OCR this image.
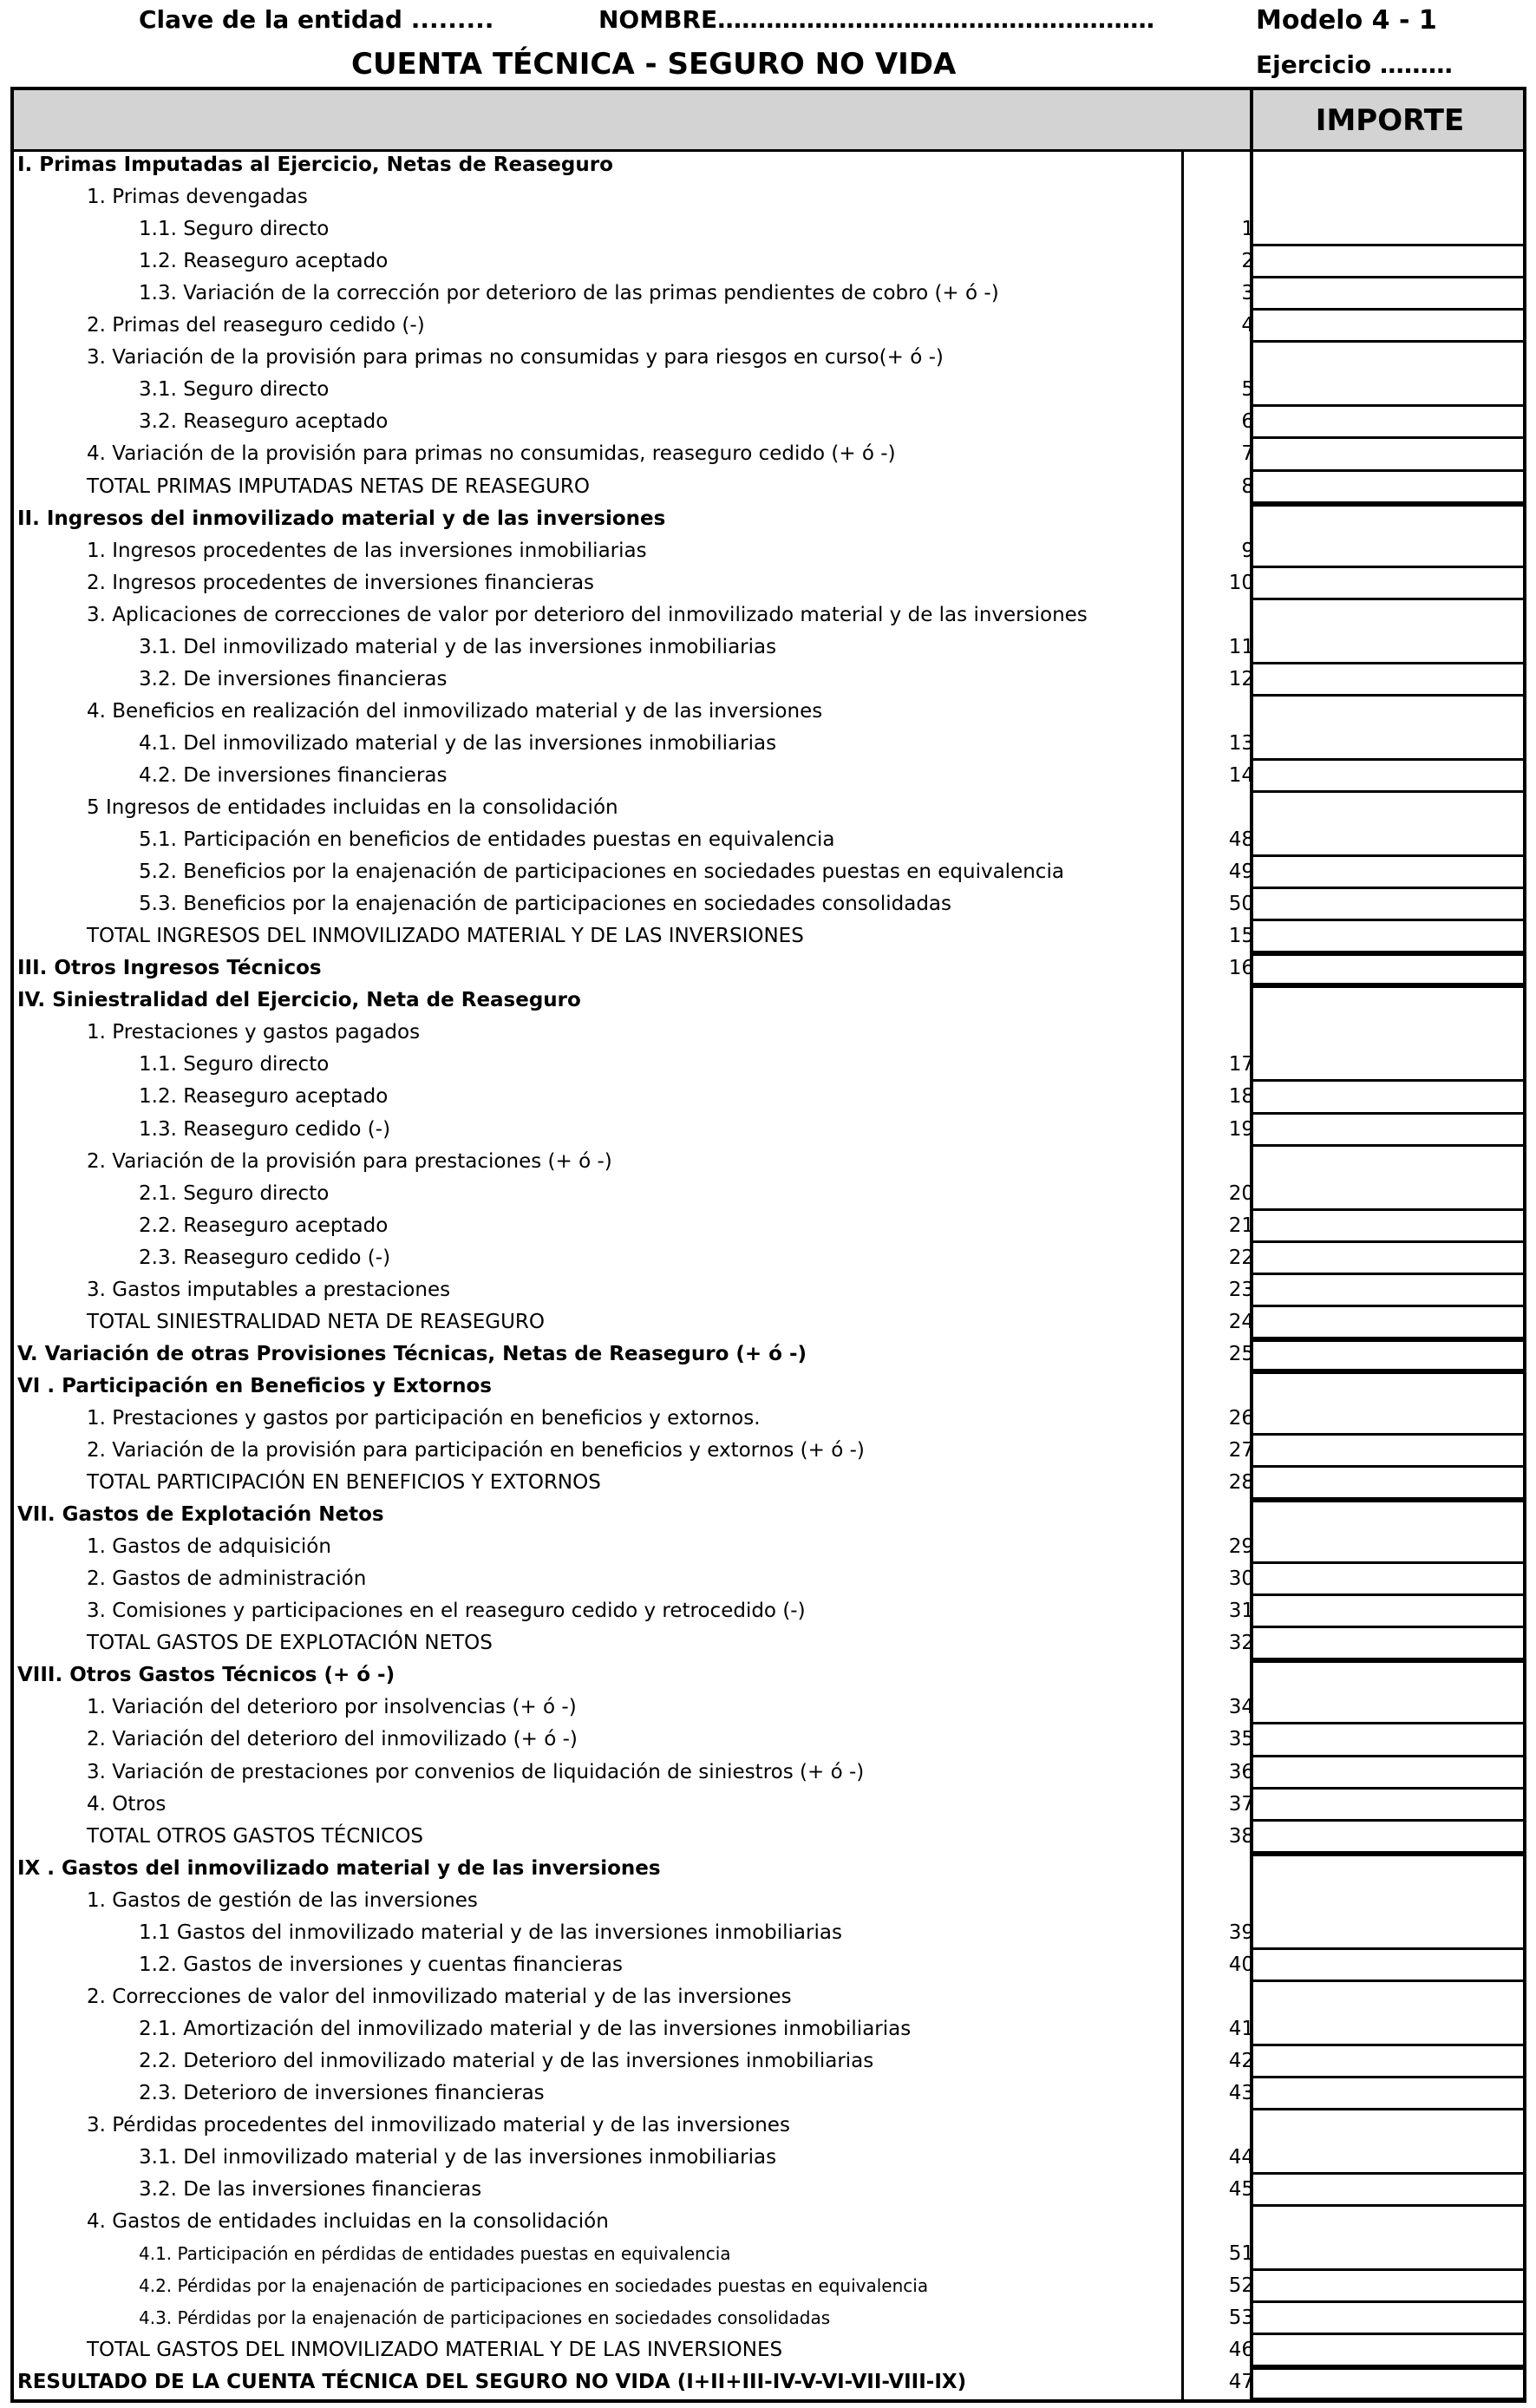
Clave de la entidad .........	NOMBRE………………………………………………	Modelo 4 - 1
CUENTA TÉCNICA - SEGURO NO VIDA	Ejercicio ………
IMPORTE
I. Primas Imputadas al Ejercicio, Netas de Reaseguro
1. Primas devengadas
1.1. Seguro directo	1
1.2. Reaseguro aceptado	2
1.3. Variación de la corrección por deterioro de las primas pendientes de cobro (+ ó -)	3
2. Primas del reaseguro cedido (-)	4
3. Variación de la provisión para primas no consumidas y para riesgos en curso(+ ó -)
3.1. Seguro directo	5
3.2. Reaseguro aceptado	6
4. Variación de la provisión para primas no consumidas, reaseguro cedido (+ ó -)	7
TOTAL PRIMAS IMPUTADAS NETAS DE REASEGURO	8
II. Ingresos del inmovilizado material y de las inversiones
1. Ingresos procedentes de las inversiones inmobiliarias	9
2. Ingresos procedentes de inversiones financieras	10
3. Aplicaciones de correcciones de valor por deterioro del inmovilizado material y de las inversiones
3.1. Del inmovilizado material y de las inversiones inmobiliarias	11
3.2. De inversiones financieras	12
4. Beneficios en realización del inmovilizado material y de las inversiones
4.1. Del inmovilizado material y de las inversiones inmobiliarias	13
4.2. De inversiones financieras	14
5 Ingresos de entidades incluidas en la consolidación
5.1. Participación en beneficios de entidades puestas en equivalencia	48
5.2. Beneficios por la enajenación de participaciones en sociedades puestas en equivalencia	49
5.3. Beneficios por la enajenación de participaciones en sociedades consolidadas	50
TOTAL INGRESOS DEL INMOVILIZADO MATERIAL Y DE LAS INVERSIONES	15
III. Otros Ingresos Técnicos	16
IV. Siniestralidad del Ejercicio, Neta de Reaseguro
1. Prestaciones y gastos pagados
1.1. Seguro directo	17
1.2. Reaseguro aceptado	18
1.3. Reaseguro cedido (-)	19
2. Variación de la provisión para prestaciones (+ ó -)
2.1. Seguro directo	20
2.2. Reaseguro aceptado	21
2.3. Reaseguro cedido (-)	22
3. Gastos imputables a prestaciones	23
TOTAL SINIESTRALIDAD NETA DE REASEGURO	24
V. Variación de otras Provisiones Técnicas, Netas de Reaseguro (+ ó -)	25
VI . Participación en Beneficios y Extornos
1. Prestaciones y gastos por participación en beneficios y extornos.	26
2. Variación de la provisión para participación en beneficios y extornos (+ ó -)	27
TOTAL PARTICIPACIÓN EN BENEFICIOS Y EXTORNOS	28
VII. Gastos de Explotación Netos
1. Gastos de adquisición	29
2. Gastos de administración	30
3. Comisiones y participaciones en el reaseguro cedido y retrocedido (-)	31
TOTAL GASTOS DE EXPLOTACIÓN NETOS	32
VIII. Otros Gastos Técnicos (+ ó -)
1. Variación del deterioro por insolvencias (+ ó -)	34
2. Variación del deterioro del inmovilizado (+ ó -)	35
3. Variación de prestaciones por convenios de liquidación de siniestros (+ ó -)	36
4. Otros	37
TOTAL OTROS GASTOS TÉCNICOS	38
IX . Gastos del inmovilizado material y de las inversiones
1. Gastos de gestión de las inversiones
1.1 Gastos del inmovilizado material y de las inversiones inmobiliarias	39
1.2. Gastos de inversiones y cuentas financieras	40
2. Correcciones de valor del inmovilizado material y de las inversiones
2.1. Amortización del inmovilizado material y de las inversiones inmobiliarias	41
2.2. Deterioro del inmovilizado material y de las inversiones inmobiliarias	42
2.3. Deterioro de inversiones financieras	43
3. Pérdidas procedentes del inmovilizado material y de las inversiones
3.1. Del inmovilizado material y de las inversiones inmobiliarias	44
3.2. De las inversiones financieras	45
4. Gastos de entidades incluidas en la consolidación
4.1. Participación en pérdidas de entidades puestas en equivalencia	51
4.2. Pérdidas por la enajenación de participaciones en sociedades puestas en equivalencia	52
4.3. Pérdidas por la enajenación de participaciones en sociedades consolidadas	53
TOTAL GASTOS DEL INMOVILIZADO MATERIAL Y DE LAS INVERSIONES	46
RESULTADO DE LA CUENTA TÉCNICA DEL SEGURO NO VIDA (I+II+III-IV-V-VI-VII-VIII-IX)	47
